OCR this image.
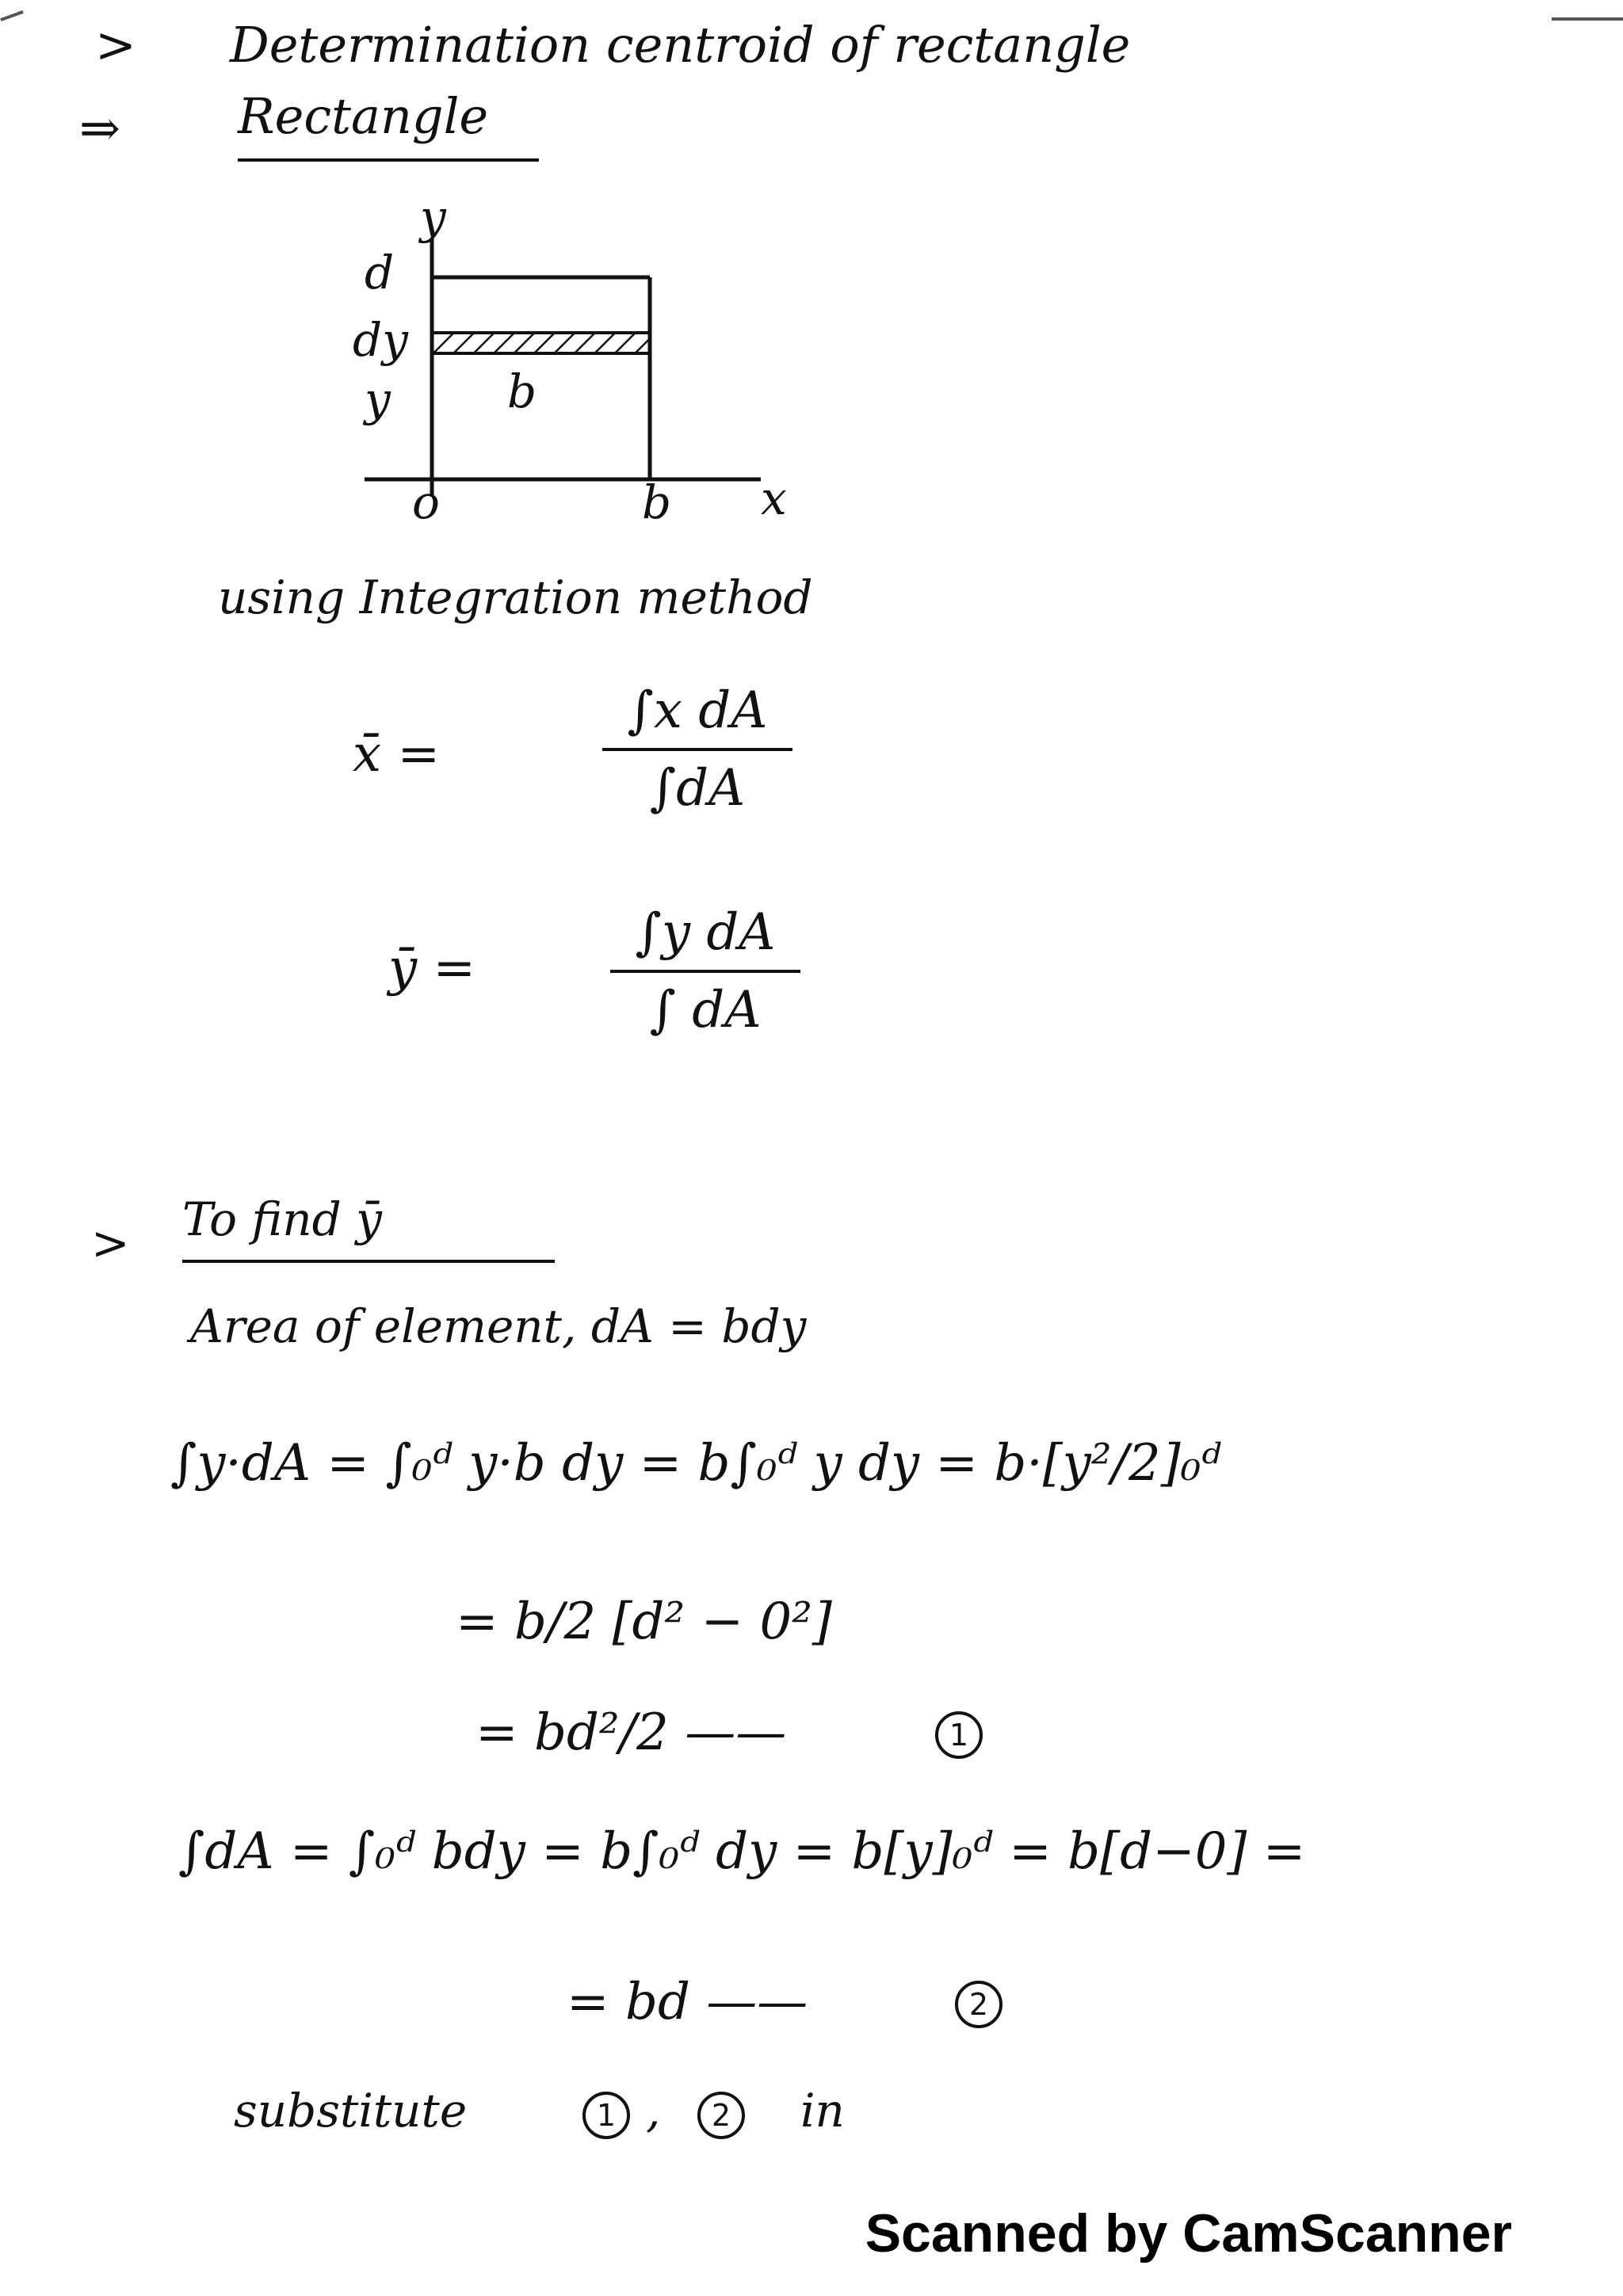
> Determination centroid of rectangle
⇒ Rectangle
y
d
dy
y	b
o	b x
using Integration method
x̄ =
∫x dA
∫dA
ȳ =
∫y dA
∫ dA
> To find ȳ
Area of element, dA = bdy
∫y·dA = ∫₀ᵈ y·b dy = b∫₀ᵈ y dy = b·[y²/2]₀ᵈ
= b/2 [d² − 0²]
= bd²/2 ——	1
∫dA = ∫₀ᵈ bdy = b∫₀ᵈ dy = b[y]₀ᵈ = b[d−0] =
= bd ——	2
substitute	1 ,	2	in
Scanned by CamScanner
